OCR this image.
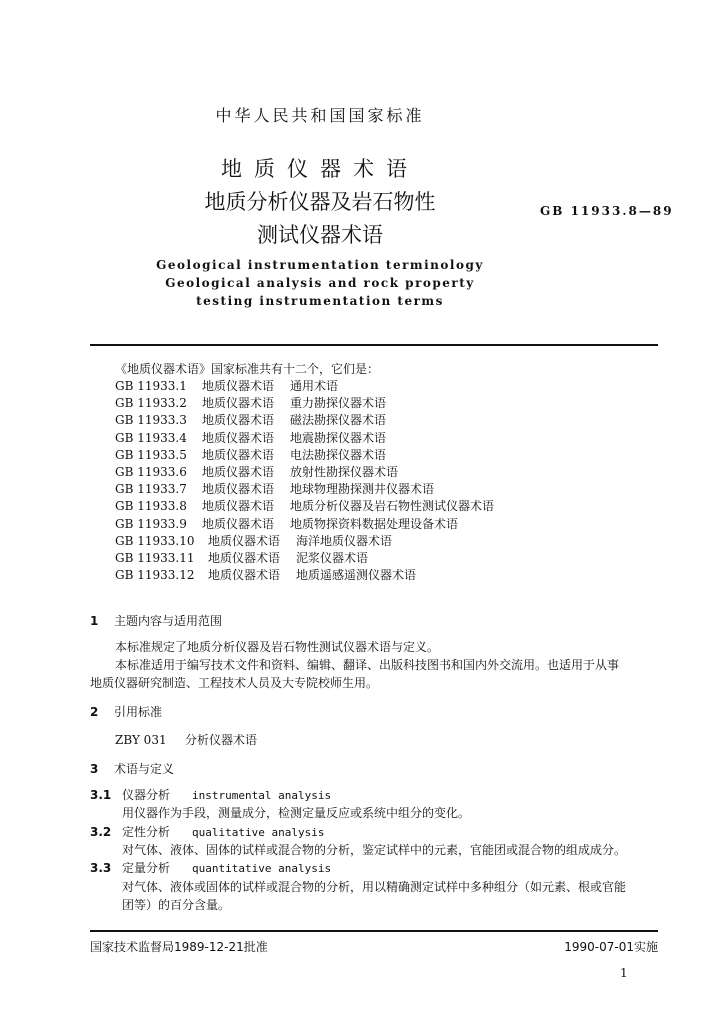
中华人民共和国国家标准
地质仪器术语
地质分析仪器及岩石物性
测试仪器术语
GB 11933.8—89
Geological instrumentation terminology
Geological analysis and rock property
testing instrumentation terms
《地质仪器术语》国家标准共有十二个，它们是：
GB 11933.1 地质仪器术语 通用术语
GB 11933.2 地质仪器术语 重力勘探仪器术语
GB 11933.3 地质仪器术语 磁法勘探仪器术语
GB 11933.4 地质仪器术语 地震勘探仪器术语
GB 11933.5 地质仪器术语 电法勘探仪器术语
GB 11933.6 地质仪器术语 放射性勘探仪器术语
GB 11933.7 地质仪器术语 地球物理勘探测井仪器术语
GB 11933.8 地质仪器术语 地质分析仪器及岩石物性测试仪器术语
GB 11933.9 地质仪器术语 地质物探资料数据处理设备术语
GB 11933.10 地质仪器术语 海洋地质仪器术语
GB 11933.11 地质仪器术语 泥浆仪器术语
GB 11933.12 地质仪器术语 地质遥感遥测仪器术语
1 主题内容与适用范围
本标准规定了地质分析仪器及岩石物性测试仪器术语与定义。
本标准适用于编写技术文件和资料、编辑、翻译、出版科技图书和国内外交流用。也适用于从事
地质仪器研究制造、工程技术人员及大专院校师生用。
2 引用标准
ZBY 031 分析仪器术语
3 术语与定义
3.1 仪器分析 instrumental analysis
用仪器作为手段，测量成分，检测定量反应或系统中组分的变化。
3.2 定性分析 qualitative analysis
对气体、液体、固体的试样或混合物的分析，鉴定试样中的元素，官能团或混合物的组成成分。
3.3 定量分析 quantitative analysis
对气体、液体或固体的试样或混合物的分析，用以精确测定试样中多种组分（如元素、根或官能
团等）的百分含量。
国家技术监督局1989-12-21批准	1990-07-01实施
1
